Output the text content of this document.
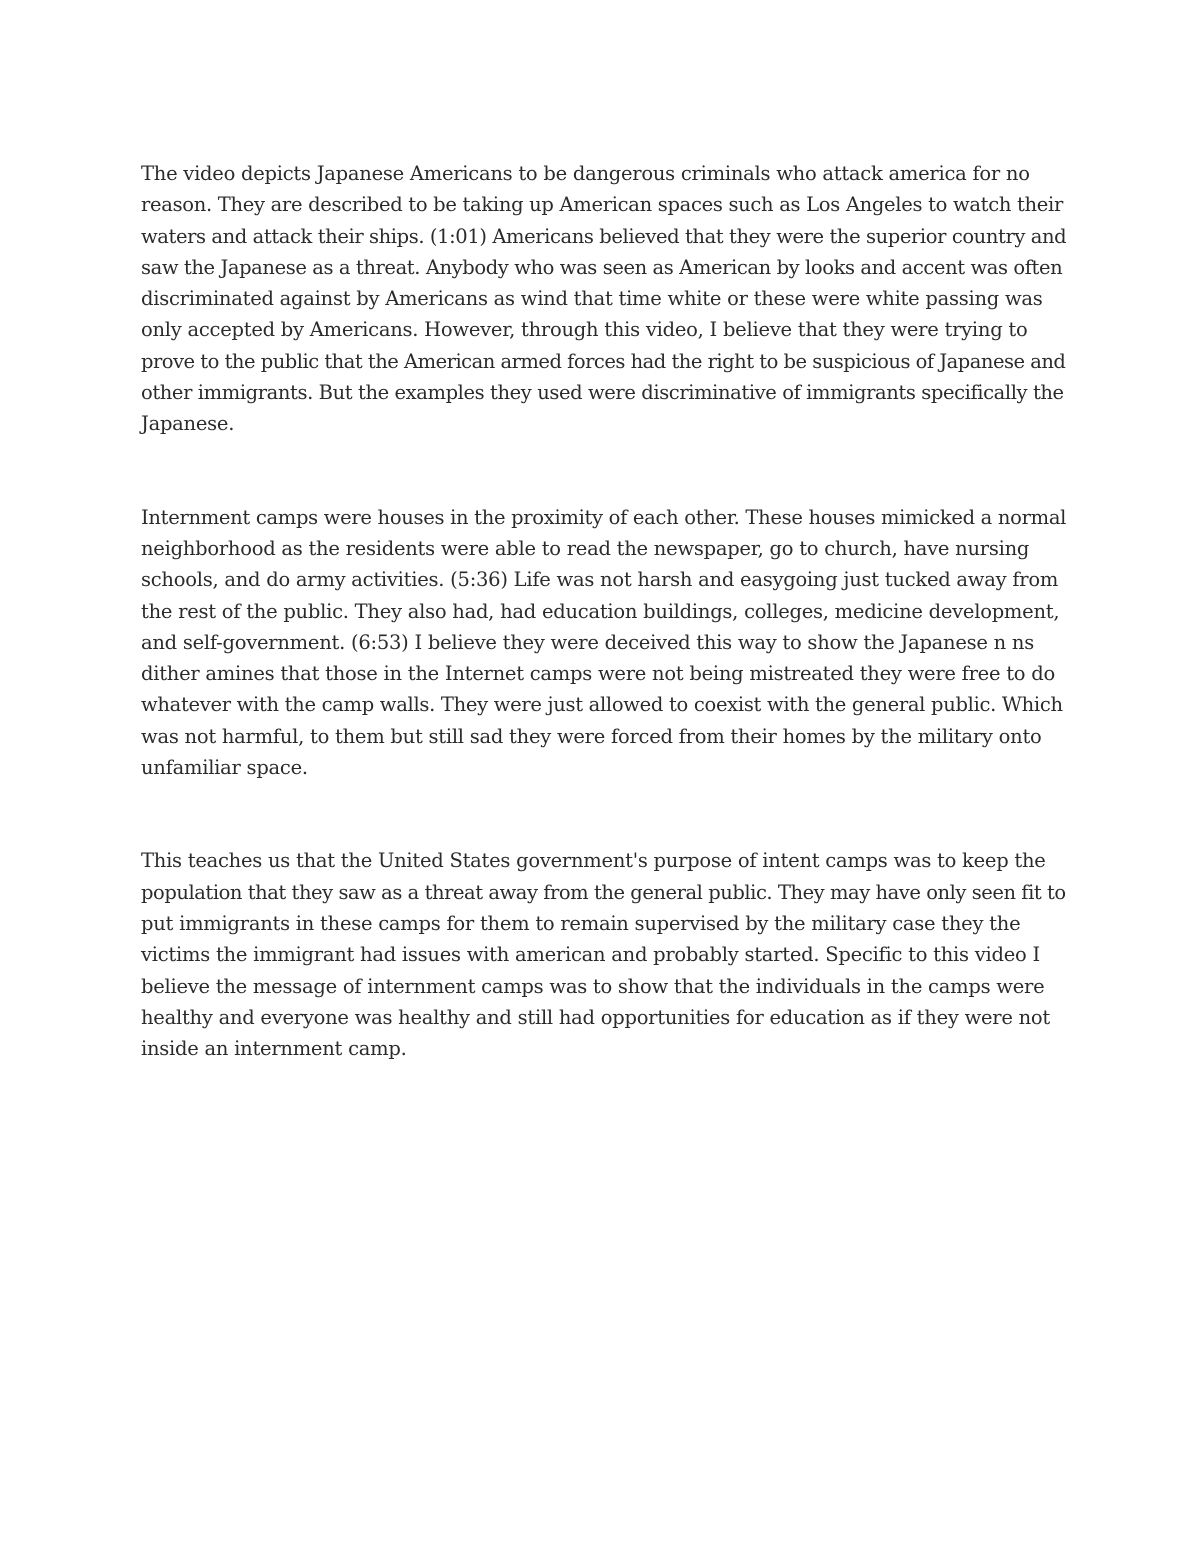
The video depicts Japanese Americans to be dangerous criminals who attack america for no
reason. They are described to be taking up American spaces such as Los Angeles to watch their
waters and attack their ships. (1:01) Americans believed that they were the superior country and
saw the Japanese as a threat. Anybody who was seen as American by looks and accent was often
discriminated against by Americans as wind that time white or these were white passing was
only accepted by Americans. However, through this video, I believe that they were trying to
prove to the public that the American armed forces had the right to be suspicious of Japanese and
other immigrants. But the examples they used were discriminative of immigrants specifically the
Japanese.

Internment camps were houses in the proximity of each other. These houses mimicked a normal
neighborhood as the residents were able to read the newspaper, go to church, have nursing
schools, and do army activities. (5:36) Life was not harsh and easygoing just tucked away from
the rest of the public. They also had, had education buildings, colleges, medicine development,
and self-government. (6:53) I believe they were deceived this way to show the Japanese n ns
dither amines that those in the Internet camps were not being mistreated they were free to do
whatever with the camp walls. They were just allowed to coexist with the general public. Which
was not harmful, to them but still sad they were forced from their homes by the military onto
unfamiliar space.

This teaches us that the United States government's purpose of intent camps was to keep the
population that they saw as a threat away from the general public. They may have only seen fit to
put immigrants in these camps for them to remain supervised by the military case they the
victims the immigrant had issues with american and probably started. Specific to this video I
believe the message of internment camps was to show that the individuals in the camps were
healthy and everyone was healthy and still had opportunities for education as if they were not
inside an internment camp.
